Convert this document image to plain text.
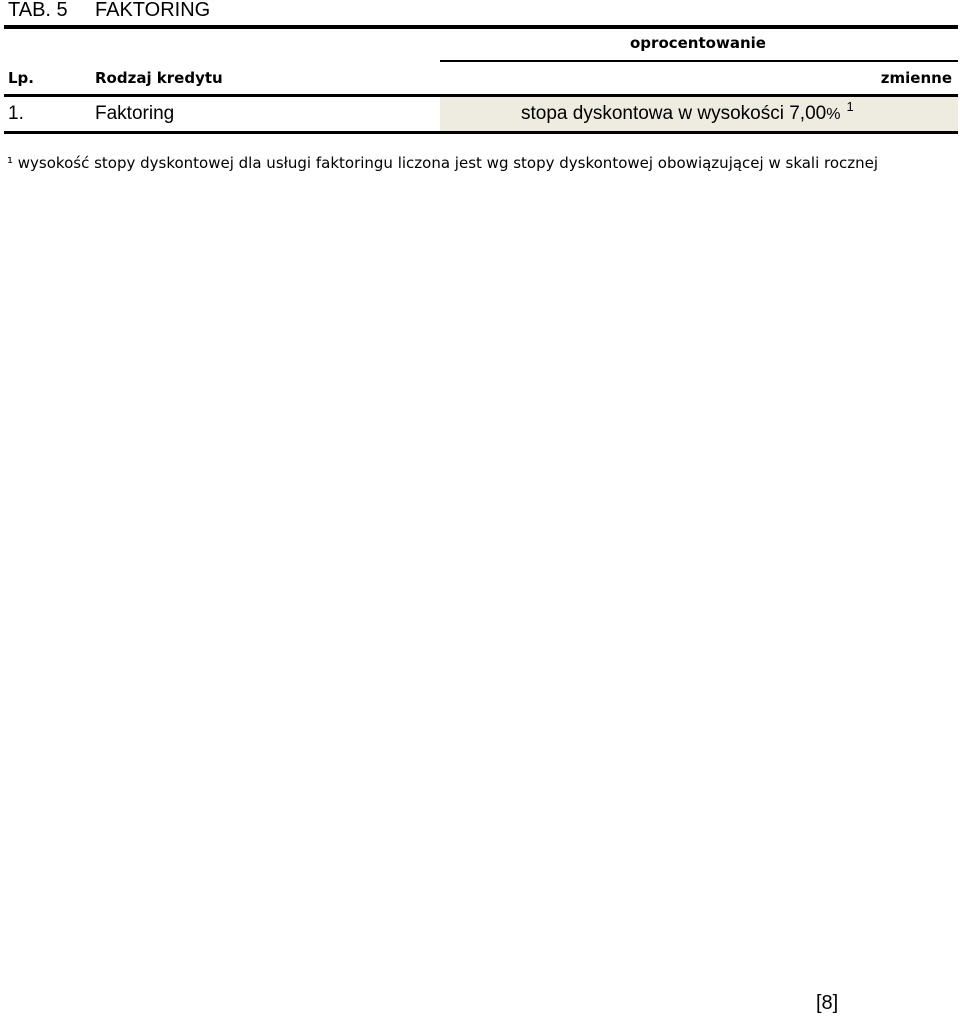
TAB. 5 FAKTORING
oprocentowanie
Lp.	Rodzaj kredytu	zmienne
1.	Faktoring	stopa dyskontowa w wysokości 7,00% $^1$
¹ wysokość stopy dyskontowej dla usługi faktoringu liczona jest wg stopy dyskontowej obowiązującej w skali rocznej
[8]
